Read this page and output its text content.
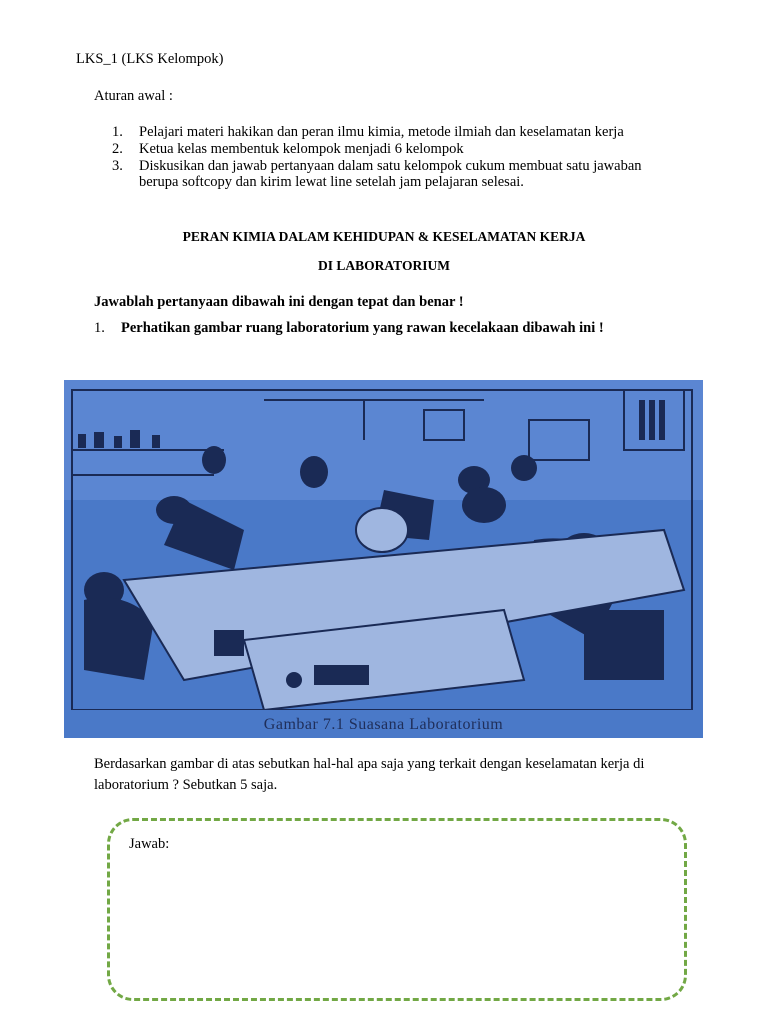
LKS_1 (LKS Kelompok)
Aturan awal :
1. Pelajari materi hakikan dan peran ilmu kimia, metode ilmiah dan keselamatan kerja
2. Ketua kelas membentuk kelompok menjadi 6 kelompok
3. Diskusikan dan jawab pertanyaan dalam satu kelompok cukum membuat satu jawaban berupa softcopy dan kirim lewat line setelah jam pelajaran selesai.
PERAN KIMIA DALAM KEHIDUPAN & KESELAMATAN KERJA
DI LABORATORIUM
Jawablah pertanyaan dibawah ini dengan tepat dan benar !
1. Perhatikan gambar ruang laboratorium yang rawan kecelakaan dibawah ini !
Gambar 7.1 Suasana Laboratorium
Berdasarkan gambar di atas sebutkan hal-hal apa saja yang terkait dengan keselamatan kerja di laboratorium ? Sebutkan 5 saja.
Jawab:
